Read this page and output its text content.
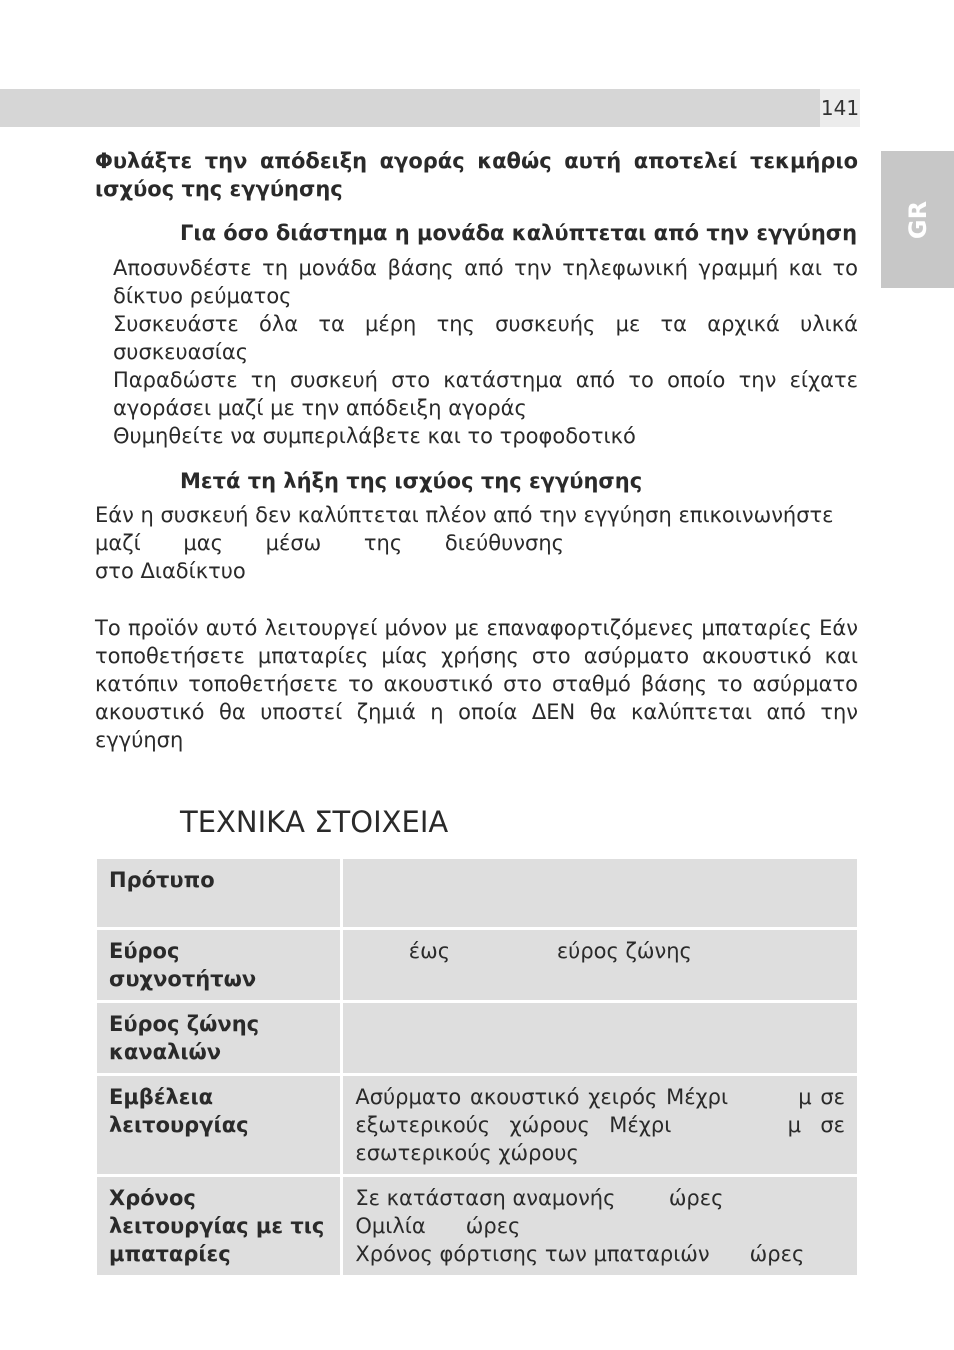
141
GR

Φυλάξτε την απόδειξη αγοράς καθώς αυτή αποτελεί τεκμήριο ισχύος της εγγύησης

Για όσο διάστημα η μονάδα καλύπτεται από την εγγύηση

Αποσυνδέστε τη μονάδα βάσης από την τηλεφωνική γραμμή και το δίκτυο ρεύματος
Συσκευάστε όλα τα μέρη της συσκευής με τα αρχικά υλικά συσκευασίας
Παραδώστε τη συσκευή στο κατάστημα από το οποίο την είχατε αγοράσει μαζί με την απόδειξη αγοράς
Θυμηθείτε να συμπεριλάβετε και το τροφοδοτικό

Μετά τη λήξη της ισχύος της εγγύησης

Εάν η συσκευή δεν καλύπτεται πλέον από την εγγύηση επικοινωνήστε
μαζί μας μέσω της διεύθυνσης
στο Διαδίκτυο

Το προϊόν αυτό λειτουργεί μόνον με επαναφορτιζόμενες μπαταρίες Εάν τοποθετήσετε μπαταρίες μίας χρήσης στο ασύρματο ακουστικό και κατόπιν τοποθετήσετε το ακουστικό στο σταθμό βάσης το ασύρματο ακουστικό θα υποστεί ζημιά η οποία ΔΕΝ θα καλύπτεται από την εγγύηση

ΤΕΧΝΙΚΑ ΣΤΟΙΧΕΙΑ
Πρότυπο	
Εύρος συχνοτήτων	έως                εύρος ζώνης
Εύρος ζώνης καναλιών	
Εμβέλεια λειτουργίας	Ασύρματο ακουστικό χειρός Μέχρι        μ σε εξωτερικούς χώρους Μέχρι      μ σε εσωτερικούς χώρους
Χρόνος λειτουργίας με τις μπαταρίες	Σε κατάσταση αναμονής        ώρες
Ομιλία      ώρες
Χρόνος φόρτισης των μπαταριών      ώρες
